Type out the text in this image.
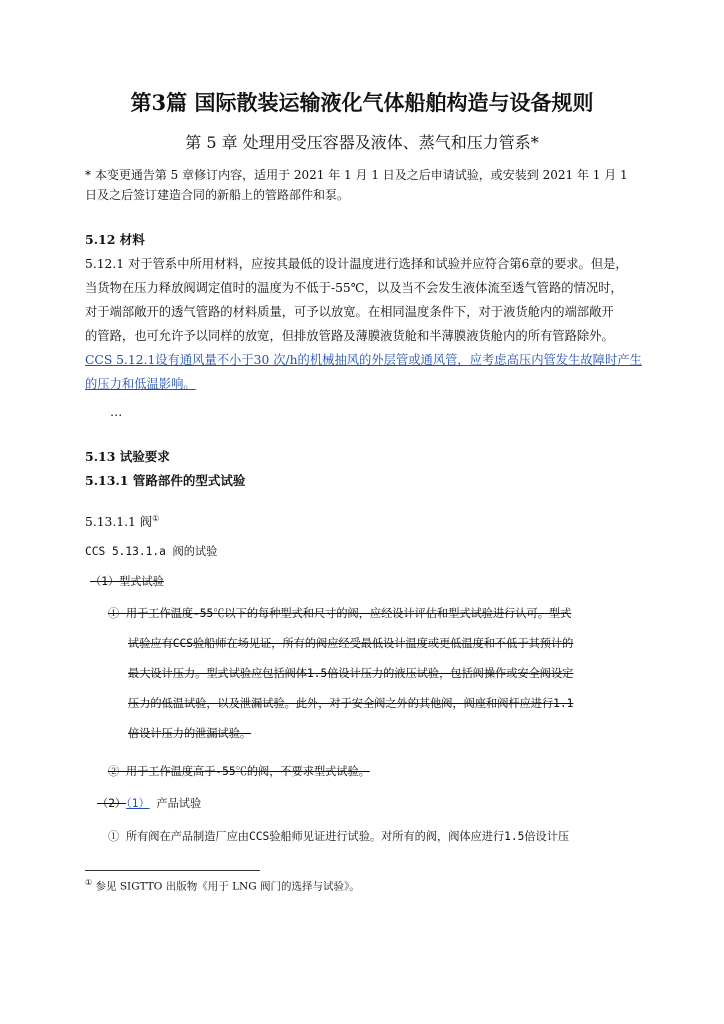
第3篇 国际散装运输液化气体船舶构造与设备规则
第 5 章 处理用受压容器及液体、蒸气和压力管系*
* 本变更通告第 5 章修订内容，适用于 2021 年 1 月 1 日及之后申请试验，或安装到 2021 年 1 月 1
日及之后签订建造合同的新船上的管路部件和泵。
5.12 材料
5.12.1 对于管系中所用材料，应按其最低的设计温度进行选择和试验并应符合第6章的要求。但是，
当货物在压力释放阀调定值时的温度为不低于-55℃，以及当不会发生液体流至透气管路的情况时，
对于端部敞开的透气管路的材料质量，可予以放宽。在相同温度条件下，对于液货舱内的端部敞开
的管路，也可允许予以同样的放宽，但排放管路及薄膜液货舱和半薄膜液货舱内的所有管路除外。
CCS 5.12.1设有通风量不小于30 次/h的机械抽风的外层管或通风管，应考虑高压内管发生故障时产生
的压力和低温影响。
…
5.13 试验要求
5.13.1 管路部件的型式试验
5.13.1.1 阀①
CCS 5.13.1.a 阀的试验
（1）型式试验
① 用于工作温度-55℃以下的每种型式和尺寸的阀，应经设计评估和型式试验进行认可。型式
试验应有CCS验船师在场见证，所有的阀应经受最低设计温度或更低温度和不低于其预计的
最大设计压力。型式试验应包括阀体1.5倍设计压力的液压试验，包括阀操作或安全阀设定
压力的低温试验，以及泄漏试验。此外，对于安全阀之外的其他阀，阀座和阀杆应进行1.1
倍设计压力的泄漏试验。
② 用于工作温度高于-55℃的阀，不要求型式试验。
（2）（1） 产品试验
① 所有阀在产品制造厂应由CCS验船师见证进行试验。对所有的阀，阀体应进行1.5倍设计压
① 参见 SIGTTO 出版物《用于 LNG 阀门的选择与试验》。
